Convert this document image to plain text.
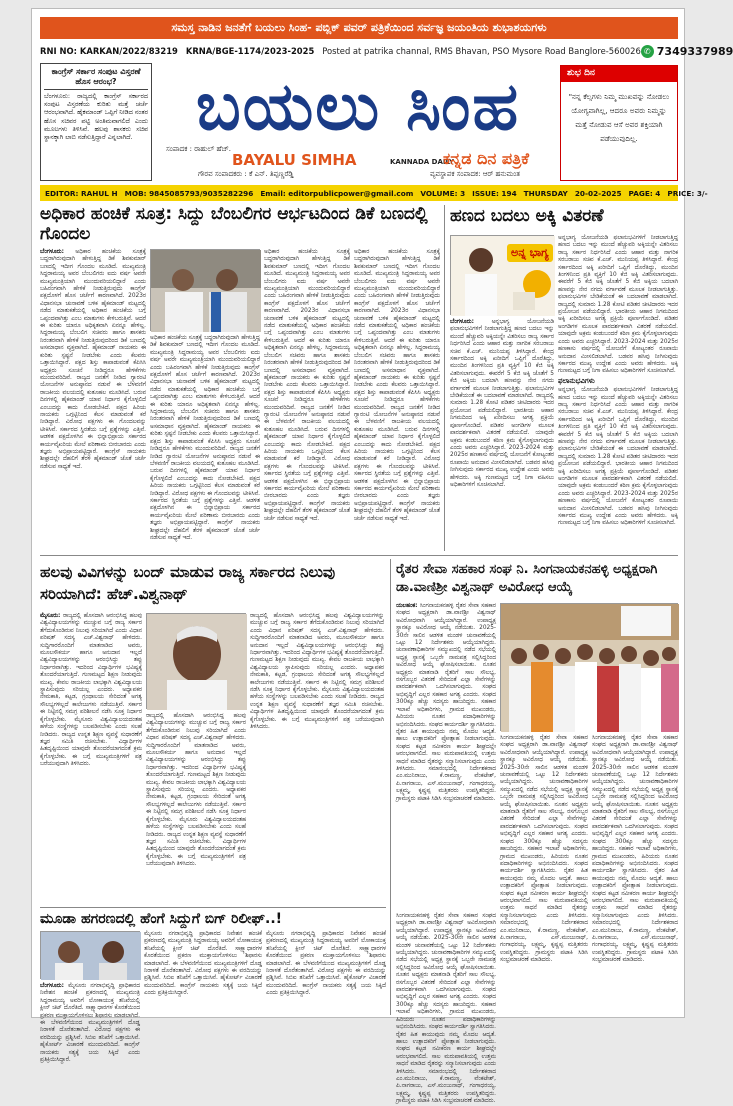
ಸಮಸ್ತ ನಾಡಿನ ಜನತೆಗೆ ಬಯಲು ಸಿಂಹ- ಪಬ್ಲಿಕ್ ಪವರ್ ಪತ್ರಿಕೆಯಿಂದ ಸರ್ವಜ್ಞ ಜಯಂತಿಯ ಶುಭಾಶಯಗಳು
RNI NO: KARKAN/2022/83219 KRNA/BGE-1174/2023-2025 Posted at patrika channal, RMS Bhavan, PSO Mysore Road Banglore-560026 ✆ 7349337989
ಕಾಂಗ್ರೆಸ್ ಸರ್ಕಾರ ಸಂಪುಟ ವಿಸ್ತರಣೆ ಹೊಸ ಆರಂಭ?
ಬೆಂಗಳೂರು: ರಾಜ್ಯದಲ್ಲಿ ಕಾಂಗ್ರೆಸ್ ಸರ್ಕಾರದ ಸಂಪುಟ ವಿಸ್ತರಣೆಯ ಕುರಿತು ಮತ್ತೆ ಚರ್ಚೆ ಆರಂಭವಾಗಿದೆ. ಹೈಕಮಾಂಡ್ ಒಪ್ಪಿಗೆ ನೀಡಿದ ನಂತರ ಹೊಸ ಸಚಿವರ ಪಟ್ಟಿ ಅಂತಿಮವಾಗಲಿದೆ ಎಂದು ಮೂಲಗಳು ತಿಳಿಸಿವೆ. ಹಲವು ಶಾಸಕರು ಸಚಿವ ಸ್ಥಾನಕ್ಕಾಗಿ ಲಾಬಿ ನಡೆಸುತ್ತಿದ್ದಾರೆ ಎನ್ನಲಾಗಿದೆ. ಬಯಲು ಸಿಂಹ
ಸಂಪಾದಕ : ರಾಹುಲ್ ಹೆಚ್.
BAYALU SIMHA	KANNADA DAILY
ಕನ್ನಡ ದಿನ ಪತ್ರಿಕೆ
ಗೌರವ ಸಂಪಾದಕರು : ಕೆ ಎನ್. ತಿಪ್ಪಣ್ಣರೆಡ್ಡಿ	ವ್ಯವಸ್ಥಾಪಕ ಸಂಪಾದಕ: ಆರ್ ಹನುಮಂತ
ಶುಭ ದಿನ
"ನನ್ನ ಕೆಲ್ಸಗಳು ನಿಮ್ಮ ಮುಖವನ್ನು ನೋಡಲು ಯೋಗ್ಯವಾಗಿಲ್ಲ, ಆದರೂ ಅವರು ನಿಮ್ಮನ್ನು ಮತ್ತೆ ನೋಡುವ ಆಸೆ ಅವರ ಶಕ್ತಿಯಾಗಿ ಪಡೆಯುವುದಿಲ್ಲ.
EDITOR: RAHUL H MOB: 9845085793/9035282296 Email: editorpublicpower@gmail.com VOLUME: 3 ISSUE: 194 THURSDAY 20-02-2025 PAGE: 4 PRICE: 3/-
ಅಧಿಕಾರ ಹಂಚಿಕೆ ಸೂತ್ರ: ಸಿದ್ದು ಬೆಂಬಲಿಗರ ಆರ್ಭಟದಿಂದ ಡಿಕೆ ಬಣದಲ್ಲಿ ಗೊಂದಲ
ಬೆಂಗಳೂರು: ಅಧಿಕಾರ ಹಂಚಿಕೆಯ ಸೂತ್ರಕ್ಕೆ ಬದ್ಧರಾಗಿರುವುದಾಗಿ ಹೇಳುತ್ತಿದ್ದ ಡಿಕೆ ಶಿವಕುಮಾರ್ ಬಣದಲ್ಲಿ ಇದೀಗ ಗೊಂದಲ ಮೂಡಿದೆ. ಮುಖ್ಯಮಂತ್ರಿ ಸಿದ್ದರಾಮಯ್ಯ ಅವರ ಬೆಂಬಲಿಗರು ಐದು ವರ್ಷ ಅವರೇ ಮುಖ್ಯಮಂತ್ರಿಯಾಗಿ ಮುಂದುವರಿಯಲಿದ್ದಾರೆ ಎಂದು ಬಹಿರಂಗವಾಗಿ ಹೇಳಿಕೆ ನೀಡುತ್ತಿರುವುದು ಕಾಂಗ್ರೆಸ್ ಪಕ್ಷದೊಳಗೆ ಹೊಸ ಚರ್ಚೆಗೆ ಕಾರಣವಾಗಿದೆ. 2023ರ ವಿಧಾನಸಭಾ ಚುನಾವಣೆ ಬಳಿಕ ಹೈಕಮಾಂಡ್ ಮಟ್ಟದಲ್ಲಿ ನಡೆದ ಮಾತುಕತೆಯಲ್ಲಿ ಅಧಿಕಾರ ಹಂಚಿಕೆಯ ಬಗ್ಗೆ ಒಪ್ಪಂದವಾಗಿತ್ತು ಎಂಬ ಮಾತುಗಳು ಕೇಳಿಬರುತ್ತಿವೆ. ಆದರೆ ಈ ಕುರಿತು ಯಾರೂ ಅಧಿಕೃತವಾಗಿ ಏನನ್ನೂ ಹೇಳಿಲ್ಲ. ಸಿದ್ದರಾಮಯ್ಯ ಬೆಂಬಲಿಗ ಸಚಿವರು ಹಾಗೂ ಶಾಸಕರು ನಿರಂತರವಾಗಿ ಹೇಳಿಕೆ ನೀಡುತ್ತಿರುವುದರಿಂದ ಡಿಕೆ ಬಣದಲ್ಲಿ ಅಸಮಾಧಾನ ವ್ಯಕ್ತವಾಗಿದೆ. ಹೈಕಮಾಂಡ್ ನಾಯಕರು ಈ ಕುರಿತು ಸ್ಪಷ್ಟನೆ ನೀಡಬೇಕು ಎಂದು ಕೆಲವರು ಒತ್ತಾಯಿಸಿದ್ದಾರೆ. ಪಕ್ಷದ ಶಿಸ್ತು ಕಾಪಾಡುವಂತೆ ಕೆಪಿಸಿಸಿ ಅಧ್ಯಕ್ಷರು ಸೂಚನೆ ನೀಡಿದ್ದರೂ ಹೇಳಿಕೆಗಳು ಮುಂದುವರಿದಿವೆ. ರಾಜ್ಯದ ಜನತೆಗೆ ನೀಡಿದ ಗ್ಯಾರಂಟಿ ಯೋಜನೆಗಳ ಅನುಷ್ಠಾನದ ನಡುವೆ ಈ ಬೆಳವಣಿಗೆ ರಾಜಕೀಯ ವಲಯದಲ್ಲಿ ಕುತೂಹಲ ಮೂಡಿಸಿದೆ. ಬರುವ ದಿನಗಳಲ್ಲಿ ಹೈಕಮಾಂಡ್ ಯಾವ ನಿರ್ಧಾರ ಕೈಗೊಳ್ಳಲಿದೆ ಎಂಬುದನ್ನು ಕಾದು ನೋಡಬೇಕಿದೆ. ಪಕ್ಷದ ಹಿರಿಯ ನಾಯಕರು ಒಗ್ಗಟ್ಟಿನಿಂದ ಕೆಲಸ ಮಾಡುವಂತೆ ಕರೆ ನೀಡಿದ್ದಾರೆ. ವಿರೋಧ ಪಕ್ಷಗಳು ಈ ಗೊಂದಲವನ್ನು ಟೀಕಿಸಿವೆ. ಸರ್ಕಾರದ ಸ್ಥಿರತೆಯ ಬಗ್ಗೆ ಪ್ರಶ್ನೆಗಳನ್ನು ಎತ್ತಿವೆ. ಆಡಳಿತ ಪಕ್ಷದೊಳಗಿನ ಈ ಭಿನ್ನಾಭಿಪ್ರಾಯ ಸರ್ಕಾರದ ಕಾರ್ಯವೈಖರಿಯ ಮೇಲೆ ಪರಿಣಾಮ ಬೀರಬಾರದು ಎಂದು ತಜ್ಞರು ಅಭಿಪ್ರಾಯಪಟ್ಟಿದ್ದಾರೆ. ಕಾಂಗ್ರೆಸ್ ನಾಯಕರು ಶೀಘ್ರದಲ್ಲೇ ದೆಹಲಿಗೆ ತೆರಳಿ ಹೈಕಮಾಂಡ್ ಜೊತೆ ಚರ್ಚೆ ನಡೆಸುವ ಸಾಧ್ಯತೆ ಇದೆ.
ಅಧಿಕಾರ ಹಂಚಿಕೆಯ ಸೂತ್ರಕ್ಕೆ ಬದ್ಧರಾಗಿರುವುದಾಗಿ ಹೇಳುತ್ತಿದ್ದ ಡಿಕೆ ಶಿವಕುಮಾರ್ ಬಣದಲ್ಲಿ ಇದೀಗ ಗೊಂದಲ ಮೂಡಿದೆ. ಮುಖ್ಯಮಂತ್ರಿ ಸಿದ್ದರಾಮಯ್ಯ ಅವರ ಬೆಂಬಲಿಗರು ಐದು ವರ್ಷ ಅವರೇ ಮುಖ್ಯಮಂತ್ರಿಯಾಗಿ ಮುಂದುವರಿಯಲಿದ್ದಾರೆ ಎಂದು ಬಹಿರಂಗವಾಗಿ ಹೇಳಿಕೆ ನೀಡುತ್ತಿರುವುದು ಕಾಂಗ್ರೆಸ್ ಪಕ್ಷದೊಳಗೆ ಹೊಸ ಚರ್ಚೆಗೆ ಕಾರಣವಾಗಿದೆ. 2023ರ ವಿಧಾನಸಭಾ ಚುನಾವಣೆ ಬಳಿಕ ಹೈಕಮಾಂಡ್ ಮಟ್ಟದಲ್ಲಿ ನಡೆದ ಮಾತುಕತೆಯಲ್ಲಿ ಅಧಿಕಾರ ಹಂಚಿಕೆಯ ಬಗ್ಗೆ ಒಪ್ಪಂದವಾಗಿತ್ತು ಎಂಬ ಮಾತುಗಳು ಕೇಳಿಬರುತ್ತಿವೆ. ಆದರೆ ಈ ಕುರಿತು ಯಾರೂ ಅಧಿಕೃತವಾಗಿ ಏನನ್ನೂ ಹೇಳಿಲ್ಲ. ಸಿದ್ದರಾಮಯ್ಯ ಬೆಂಬಲಿಗ ಸಚಿವರು ಹಾಗೂ ಶಾಸಕರು ನಿರಂತರವಾಗಿ ಹೇಳಿಕೆ ನೀಡುತ್ತಿರುವುದರಿಂದ ಡಿಕೆ ಬಣದಲ್ಲಿ ಅಸಮಾಧಾನ ವ್ಯಕ್ತವಾಗಿದೆ. ಹೈಕಮಾಂಡ್ ನಾಯಕರು ಈ ಕುರಿತು ಸ್ಪಷ್ಟನೆ ನೀಡಬೇಕು ಎಂದು ಕೆಲವರು ಒತ್ತಾಯಿಸಿದ್ದಾರೆ. ಪಕ್ಷದ ಶಿಸ್ತು ಕಾಪಾಡುವಂತೆ ಕೆಪಿಸಿಸಿ ಅಧ್ಯಕ್ಷರು ಸೂಚನೆ ನೀಡಿದ್ದರೂ ಹೇಳಿಕೆಗಳು ಮುಂದುವರಿದಿವೆ. ರಾಜ್ಯದ ಜನತೆಗೆ ನೀಡಿದ ಗ್ಯಾರಂಟಿ ಯೋಜನೆಗಳ ಅನುಷ್ಠಾನದ ನಡುವೆ ಈ ಬೆಳವಣಿಗೆ ರಾಜಕೀಯ ವಲಯದಲ್ಲಿ ಕುತೂಹಲ ಮೂಡಿಸಿದೆ. ಬರುವ ದಿನಗಳಲ್ಲಿ ಹೈಕಮಾಂಡ್ ಯಾವ ನಿರ್ಧಾರ ಕೈಗೊಳ್ಳಲಿದೆ ಎಂಬುದನ್ನು ಕಾದು ನೋಡಬೇಕಿದೆ. ಪಕ್ಷದ ಹಿರಿಯ ನಾಯಕರು ಒಗ್ಗಟ್ಟಿನಿಂದ ಕೆಲಸ ಮಾಡುವಂತೆ ಕರೆ ನೀಡಿದ್ದಾರೆ. ವಿರೋಧ ಪಕ್ಷಗಳು ಈ ಗೊಂದಲವನ್ನು ಟೀಕಿಸಿವೆ. ಸರ್ಕಾರದ ಸ್ಥಿರತೆಯ ಬಗ್ಗೆ ಪ್ರಶ್ನೆಗಳನ್ನು ಎತ್ತಿವೆ. ಆಡಳಿತ ಪಕ್ಷದೊಳಗಿನ ಈ ಭಿನ್ನಾಭಿಪ್ರಾಯ ಸರ್ಕಾರದ ಕಾರ್ಯವೈಖರಿಯ ಮೇಲೆ ಪರಿಣಾಮ ಬೀರಬಾರದು ಎಂದು ತಜ್ಞರು ಅಭಿಪ್ರಾಯಪಟ್ಟಿದ್ದಾರೆ. ಕಾಂಗ್ರೆಸ್ ನಾಯಕರು ಶೀಘ್ರದಲ್ಲೇ ದೆಹಲಿಗೆ ತೆರಳಿ ಹೈಕಮಾಂಡ್ ಜೊತೆ ಚರ್ಚೆ ನಡೆಸುವ ಸಾಧ್ಯತೆ ಇದೆ.
ಅಧಿಕಾರ ಹಂಚಿಕೆಯ ಸೂತ್ರಕ್ಕೆ ಬದ್ಧರಾಗಿರುವುದಾಗಿ ಹೇಳುತ್ತಿದ್ದ ಡಿಕೆ ಶಿವಕುಮಾರ್ ಬಣದಲ್ಲಿ ಇದೀಗ ಗೊಂದಲ ಮೂಡಿದೆ. ಮುಖ್ಯಮಂತ್ರಿ ಸಿದ್ದರಾಮಯ್ಯ ಅವರ ಬೆಂಬಲಿಗರು ಐದು ವರ್ಷ ಅವರೇ ಮುಖ್ಯಮಂತ್ರಿಯಾಗಿ ಮುಂದುವರಿಯಲಿದ್ದಾರೆ ಎಂದು ಬಹಿರಂಗವಾಗಿ ಹೇಳಿಕೆ ನೀಡುತ್ತಿರುವುದು ಕಾಂಗ್ರೆಸ್ ಪಕ್ಷದೊಳಗೆ ಹೊಸ ಚರ್ಚೆಗೆ ಕಾರಣವಾಗಿದೆ. 2023ರ ವಿಧಾನಸಭಾ ಚುನಾವಣೆ ಬಳಿಕ ಹೈಕಮಾಂಡ್ ಮಟ್ಟದಲ್ಲಿ ನಡೆದ ಮಾತುಕತೆಯಲ್ಲಿ ಅಧಿಕಾರ ಹಂಚಿಕೆಯ ಬಗ್ಗೆ ಒಪ್ಪಂದವಾಗಿತ್ತು ಎಂಬ ಮಾತುಗಳು ಕೇಳಿಬರುತ್ತಿವೆ. ಆದರೆ ಈ ಕುರಿತು ಯಾರೂ ಅಧಿಕೃತವಾಗಿ ಏನನ್ನೂ ಹೇಳಿಲ್ಲ. ಸಿದ್ದರಾಮಯ್ಯ ಬೆಂಬಲಿಗ ಸಚಿವರು ಹಾಗೂ ಶಾಸಕರು ನಿರಂತರವಾಗಿ ಹೇಳಿಕೆ ನೀಡುತ್ತಿರುವುದರಿಂದ ಡಿಕೆ ಬಣದಲ್ಲಿ ಅಸಮಾಧಾನ ವ್ಯಕ್ತವಾಗಿದೆ. ಹೈಕಮಾಂಡ್ ನಾಯಕರು ಈ ಕುರಿತು ಸ್ಪಷ್ಟನೆ ನೀಡಬೇಕು ಎಂದು ಕೆಲವರು ಒತ್ತಾಯಿಸಿದ್ದಾರೆ. ಪಕ್ಷದ ಶಿಸ್ತು ಕಾಪಾಡುವಂತೆ ಕೆಪಿಸಿಸಿ ಅಧ್ಯಕ್ಷರು ಸೂಚನೆ ನೀಡಿದ್ದರೂ ಹೇಳಿಕೆಗಳು ಮುಂದುವರಿದಿವೆ. ರಾಜ್ಯದ ಜನತೆಗೆ ನೀಡಿದ ಗ್ಯಾರಂಟಿ ಯೋಜನೆಗಳ ಅನುಷ್ಠಾನದ ನಡುವೆ ಈ ಬೆಳವಣಿಗೆ ರಾಜಕೀಯ ವಲಯದಲ್ಲಿ ಕುತೂಹಲ ಮೂಡಿಸಿದೆ. ಬರುವ ದಿನಗಳಲ್ಲಿ ಹೈಕಮಾಂಡ್ ಯಾವ ನಿರ್ಧಾರ ಕೈಗೊಳ್ಳಲಿದೆ ಎಂಬುದನ್ನು ಕಾದು ನೋಡಬೇಕಿದೆ. ಪಕ್ಷದ ಹಿರಿಯ ನಾಯಕರು ಒಗ್ಗಟ್ಟಿನಿಂದ ಕೆಲಸ ಮಾಡುವಂತೆ ಕರೆ ನೀಡಿದ್ದಾರೆ. ವಿರೋಧ ಪಕ್ಷಗಳು ಈ ಗೊಂದಲವನ್ನು ಟೀಕಿಸಿವೆ. ಸರ್ಕಾರದ ಸ್ಥಿರತೆಯ ಬಗ್ಗೆ ಪ್ರಶ್ನೆಗಳನ್ನು ಎತ್ತಿವೆ. ಆಡಳಿತ ಪಕ್ಷದೊಳಗಿನ ಈ ಭಿನ್ನಾಭಿಪ್ರಾಯ ಸರ್ಕಾರದ ಕಾರ್ಯವೈಖರಿಯ ಮೇಲೆ ಪರಿಣಾಮ ಬೀರಬಾರದು ಎಂದು ತಜ್ಞರು ಅಭಿಪ್ರಾಯಪಟ್ಟಿದ್ದಾರೆ. ಕಾಂಗ್ರೆಸ್ ನಾಯಕರು ಶೀಘ್ರದಲ್ಲೇ ದೆಹಲಿಗೆ ತೆರಳಿ ಹೈಕಮಾಂಡ್ ಜೊತೆ ಚರ್ಚೆ ನಡೆಸುವ ಸಾಧ್ಯತೆ ಇದೆ.
ಅಧಿಕಾರ ಹಂಚಿಕೆಯ ಸೂತ್ರಕ್ಕೆ ಬದ್ಧರಾಗಿರುವುದಾಗಿ ಹೇಳುತ್ತಿದ್ದ ಡಿಕೆ ಶಿವಕುಮಾರ್ ಬಣದಲ್ಲಿ ಇದೀಗ ಗೊಂದಲ ಮೂಡಿದೆ. ಮುಖ್ಯಮಂತ್ರಿ ಸಿದ್ದರಾಮಯ್ಯ ಅವರ ಬೆಂಬಲಿಗರು ಐದು ವರ್ಷ ಅವರೇ ಮುಖ್ಯಮಂತ್ರಿಯಾಗಿ ಮುಂದುವರಿಯಲಿದ್ದಾರೆ ಎಂದು ಬಹಿರಂಗವಾಗಿ ಹೇಳಿಕೆ ನೀಡುತ್ತಿರುವುದು ಕಾಂಗ್ರೆಸ್ ಪಕ್ಷದೊಳಗೆ ಹೊಸ ಚರ್ಚೆಗೆ ಕಾರಣವಾಗಿದೆ. 2023ರ ವಿಧಾನಸಭಾ ಚುನಾವಣೆ ಬಳಿಕ ಹೈಕಮಾಂಡ್ ಮಟ್ಟದಲ್ಲಿ ನಡೆದ ಮಾತುಕತೆಯಲ್ಲಿ ಅಧಿಕಾರ ಹಂಚಿಕೆಯ ಬಗ್ಗೆ ಒಪ್ಪಂದವಾಗಿತ್ತು ಎಂಬ ಮಾತುಗಳು ಕೇಳಿಬರುತ್ತಿವೆ. ಆದರೆ ಈ ಕುರಿತು ಯಾರೂ ಅಧಿಕೃತವಾಗಿ ಏನನ್ನೂ ಹೇಳಿಲ್ಲ. ಸಿದ್ದರಾಮಯ್ಯ ಬೆಂಬಲಿಗ ಸಚಿವರು ಹಾಗೂ ಶಾಸಕರು ನಿರಂತರವಾಗಿ ಹೇಳಿಕೆ ನೀಡುತ್ತಿರುವುದರಿಂದ ಡಿಕೆ ಬಣದಲ್ಲಿ ಅಸಮಾಧಾನ ವ್ಯಕ್ತವಾಗಿದೆ. ಹೈಕಮಾಂಡ್ ನಾಯಕರು ಈ ಕುರಿತು ಸ್ಪಷ್ಟನೆ ನೀಡಬೇಕು ಎಂದು ಕೆಲವರು ಒತ್ತಾಯಿಸಿದ್ದಾರೆ. ಪಕ್ಷದ ಶಿಸ್ತು ಕಾಪಾಡುವಂತೆ ಕೆಪಿಸಿಸಿ ಅಧ್ಯಕ್ಷರು ಸೂಚನೆ ನೀಡಿದ್ದರೂ ಹೇಳಿಕೆಗಳು ಮುಂದುವರಿದಿವೆ. ರಾಜ್ಯದ ಜನತೆಗೆ ನೀಡಿದ ಗ್ಯಾರಂಟಿ ಯೋಜನೆಗಳ ಅನುಷ್ಠಾನದ ನಡುವೆ ಈ ಬೆಳವಣಿಗೆ ರಾಜಕೀಯ ವಲಯದಲ್ಲಿ ಕುತೂಹಲ ಮೂಡಿಸಿದೆ. ಬರುವ ದಿನಗಳಲ್ಲಿ ಹೈಕಮಾಂಡ್ ಯಾವ ನಿರ್ಧಾರ ಕೈಗೊಳ್ಳಲಿದೆ ಎಂಬುದನ್ನು ಕಾದು ನೋಡಬೇಕಿದೆ. ಪಕ್ಷದ ಹಿರಿಯ ನಾಯಕರು ಒಗ್ಗಟ್ಟಿನಿಂದ ಕೆಲಸ ಮಾಡುವಂತೆ ಕರೆ ನೀಡಿದ್ದಾರೆ. ವಿರೋಧ ಪಕ್ಷಗಳು ಈ ಗೊಂದಲವನ್ನು ಟೀಕಿಸಿವೆ. ಸರ್ಕಾರದ ಸ್ಥಿರತೆಯ ಬಗ್ಗೆ ಪ್ರಶ್ನೆಗಳನ್ನು ಎತ್ತಿವೆ. ಆಡಳಿತ ಪಕ್ಷದೊಳಗಿನ ಈ ಭಿನ್ನಾಭಿಪ್ರಾಯ ಸರ್ಕಾರದ ಕಾರ್ಯವೈಖರಿಯ ಮೇಲೆ ಪರಿಣಾಮ ಬೀರಬಾರದು ಎಂದು ತಜ್ಞರು ಅಭಿಪ್ರಾಯಪಟ್ಟಿದ್ದಾರೆ. ಕಾಂಗ್ರೆಸ್ ನಾಯಕರು ಶೀಘ್ರದಲ್ಲೇ ದೆಹಲಿಗೆ ತೆರಳಿ ಹೈಕಮಾಂಡ್ ಜೊತೆ ಚರ್ಚೆ ನಡೆಸುವ ಸಾಧ್ಯತೆ ಇದೆ.
ಹಣದ ಬದಲು ಅಕ್ಕಿ ವಿತರಣೆ
ಅನ್ನ ಭಾಗ್ಯ
ಬೆಂಗಳೂರು:	ಅನ್ನಭಾಗ್ಯ ಯೋಜನೆಯಡಿ ಫಲಾನುಭವಿಗಳಿಗೆ ನೀಡಲಾಗುತ್ತಿದ್ದ ಹಣದ ಬದಲು ಇನ್ನು ಮುಂದೆ ಹೆಚ್ಚುವರಿ ಅಕ್ಕಿಯನ್ನೇ ವಿತರಿಸಲು ರಾಜ್ಯ ಸರ್ಕಾರ ನಿರ್ಧರಿಸಿದೆ ಎಂದು ಆಹಾರ ಮತ್ತು ನಾಗರಿಕ ಸರಬರಾಜು ಸಚಿವ ಕೆ.ಎಚ್. ಮುನಿಯಪ್ಪ ತಿಳಿಸಿದ್ದಾರೆ. ಕೇಂದ್ರ ಸರ್ಕಾರದಿಂದ ಅಕ್ಕಿ ಖರೀದಿಗೆ ಒಪ್ಪಿಗೆ ದೊರೆತಿದ್ದು, ಮುಂದಿನ ತಿಂಗಳಿನಿಂದ ಪ್ರತಿ ವ್ಯಕ್ತಿಗೆ 10 ಕೆಜಿ ಅಕ್ಕಿ ವಿತರಿಸಲಾಗುವುದು. ಈವರೆಗೆ 5 ಕೆಜಿ ಅಕ್ಕಿ ಜೊತೆಗೆ 5 ಕೆಜಿ ಅಕ್ಕಿಯ ಬದಲಾಗಿ ಹಣವನ್ನು ನೇರ ನಗದು ವರ್ಗಾವಣೆ ಮೂಲಕ ನೀಡಲಾಗುತ್ತಿತ್ತು. ಫಲಾನುಭವಿಗಳ ಬೇಡಿಕೆಯಂತೆ ಈ ಬದಲಾವಣೆ ಮಾಡಲಾಗಿದೆ. ರಾಜ್ಯದಲ್ಲಿ ಸುಮಾರು 1.28 ಕೋಟಿ ಪಡಿತರ ಚೀಟಿದಾರರು ಇದರ ಪ್ರಯೋಜನ ಪಡೆಯಲಿದ್ದಾರೆ. ಭಾರತೀಯ ಆಹಾರ ನಿಗಮದಿಂದ ಅಕ್ಕಿ ಖರೀದಿಸಲು ಅಗತ್ಯ ಪ್ರಕ್ರಿಯೆ ಪೂರ್ಣಗೊಂಡಿದೆ. ಪಡಿತರ ಅಂಗಡಿಗಳ ಮೂಲಕ ಪಾರದರ್ಶಕವಾಗಿ ವಿತರಣೆ ನಡೆಯಲಿದೆ. ಯಾವುದೇ ಅಕ್ರಮ ಕಂಡುಬಂದರೆ ಕಠಿಣ ಕ್ರಮ ಕೈಗೊಳ್ಳಲಾಗುವುದು ಎಂದು ಅವರು ಎಚ್ಚರಿಸಿದ್ದಾರೆ. 2023-2024 ಮತ್ತು 2025ರ ಹಣಕಾಸು ವರ್ಷದಲ್ಲಿ ಯೋಜನೆಗೆ ಕೋಟ್ಯಂತರ ರೂಪಾಯಿ ಅನುದಾನ ಮೀಸಲಿಡಲಾಗಿದೆ. ಬಡವರ ಹಸಿವು ನೀಗಿಸುವುದು ಸರ್ಕಾರದ ಮುಖ್ಯ ಉದ್ದೇಶ ಎಂದು ಅವರು ಹೇಳಿದರು. ಅಕ್ಕಿ ಗುಣಮಟ್ಟದ ಬಗ್ಗೆ ನಿಗಾ ವಹಿಸಲು ಅಧಿಕಾರಿಗಳಿಗೆ ಸೂಚಿಸಲಾಗಿದೆ.
ಅನ್ನಭಾಗ್ಯ ಯೋಜನೆಯಡಿ ಫಲಾನುಭವಿಗಳಿಗೆ ನೀಡಲಾಗುತ್ತಿದ್ದ ಹಣದ ಬದಲು ಇನ್ನು ಮುಂದೆ ಹೆಚ್ಚುವರಿ ಅಕ್ಕಿಯನ್ನೇ ವಿತರಿಸಲು ರಾಜ್ಯ ಸರ್ಕಾರ ನಿರ್ಧರಿಸಿದೆ ಎಂದು ಆಹಾರ ಮತ್ತು ನಾಗರಿಕ ಸರಬರಾಜು ಸಚಿವ ಕೆ.ಎಚ್. ಮುನಿಯಪ್ಪ ತಿಳಿಸಿದ್ದಾರೆ. ಕೇಂದ್ರ ಸರ್ಕಾರದಿಂದ ಅಕ್ಕಿ ಖರೀದಿಗೆ ಒಪ್ಪಿಗೆ ದೊರೆತಿದ್ದು, ಮುಂದಿನ ತಿಂಗಳಿನಿಂದ ಪ್ರತಿ ವ್ಯಕ್ತಿಗೆ 10 ಕೆಜಿ ಅಕ್ಕಿ ವಿತರಿಸಲಾಗುವುದು. ಈವರೆಗೆ 5 ಕೆಜಿ ಅಕ್ಕಿ ಜೊತೆಗೆ 5 ಕೆಜಿ ಅಕ್ಕಿಯ ಬದಲಾಗಿ ಹಣವನ್ನು ನೇರ ನಗದು ವರ್ಗಾವಣೆ ಮೂಲಕ ನೀಡಲಾಗುತ್ತಿತ್ತು. ಫಲಾನುಭವಿಗಳ ಬೇಡಿಕೆಯಂತೆ ಈ ಬದಲಾವಣೆ ಮಾಡಲಾಗಿದೆ. ರಾಜ್ಯದಲ್ಲಿ ಸುಮಾರು 1.28 ಕೋಟಿ ಪಡಿತರ ಚೀಟಿದಾರರು ಇದರ ಪ್ರಯೋಜನ ಪಡೆಯಲಿದ್ದಾರೆ. ಭಾರತೀಯ ಆಹಾರ ನಿಗಮದಿಂದ ಅಕ್ಕಿ ಖರೀದಿಸಲು ಅಗತ್ಯ ಪ್ರಕ್ರಿಯೆ ಪೂರ್ಣಗೊಂಡಿದೆ. ಪಡಿತರ ಅಂಗಡಿಗಳ ಮೂಲಕ ಪಾರದರ್ಶಕವಾಗಿ ವಿತರಣೆ ನಡೆಯಲಿದೆ. ಯಾವುದೇ ಅಕ್ರಮ ಕಂಡುಬಂದರೆ ಕಠಿಣ ಕ್ರಮ ಕೈಗೊಳ್ಳಲಾಗುವುದು ಎಂದು ಅವರು ಎಚ್ಚರಿಸಿದ್ದಾರೆ. 2023-2024 ಮತ್ತು 2025ರ ಹಣಕಾಸು ವರ್ಷದಲ್ಲಿ ಯೋಜನೆಗೆ ಕೋಟ್ಯಂತರ ರೂಪಾಯಿ ಅನುದಾನ ಮೀಸಲಿಡಲಾಗಿದೆ. ಬಡವರ ಹಸಿವು ನೀಗಿಸುವುದು ಸರ್ಕಾರದ ಮುಖ್ಯ ಉದ್ದೇಶ ಎಂದು ಅವರು ಹೇಳಿದರು. ಅಕ್ಕಿ ಗುಣಮಟ್ಟದ ಬಗ್ಗೆ ನಿಗಾ ವಹಿಸಲು ಅಧಿಕಾರಿಗಳಿಗೆ ಸೂಚಿಸಲಾಗಿದೆ.
ಫಲಾನುಭವಿಗಳು
ಅನ್ನಭಾಗ್ಯ ಯೋಜನೆಯಡಿ ಫಲಾನುಭವಿಗಳಿಗೆ ನೀಡಲಾಗುತ್ತಿದ್ದ ಹಣದ ಬದಲು ಇನ್ನು ಮುಂದೆ ಹೆಚ್ಚುವರಿ ಅಕ್ಕಿಯನ್ನೇ ವಿತರಿಸಲು ರಾಜ್ಯ ಸರ್ಕಾರ ನಿರ್ಧರಿಸಿದೆ ಎಂದು ಆಹಾರ ಮತ್ತು ನಾಗರಿಕ ಸರಬರಾಜು ಸಚಿವ ಕೆ.ಎಚ್. ಮುನಿಯಪ್ಪ ತಿಳಿಸಿದ್ದಾರೆ. ಕೇಂದ್ರ ಸರ್ಕಾರದಿಂದ ಅಕ್ಕಿ ಖರೀದಿಗೆ ಒಪ್ಪಿಗೆ ದೊರೆತಿದ್ದು, ಮುಂದಿನ ತಿಂಗಳಿನಿಂದ ಪ್ರತಿ ವ್ಯಕ್ತಿಗೆ 10 ಕೆಜಿ ಅಕ್ಕಿ ವಿತರಿಸಲಾಗುವುದು. ಈವರೆಗೆ 5 ಕೆಜಿ ಅಕ್ಕಿ ಜೊತೆಗೆ 5 ಕೆಜಿ ಅಕ್ಕಿಯ ಬದಲಾಗಿ ಹಣವನ್ನು ನೇರ ನಗದು ವರ್ಗಾವಣೆ ಮೂಲಕ ನೀಡಲಾಗುತ್ತಿತ್ತು. ಫಲಾನುಭವಿಗಳ ಬೇಡಿಕೆಯಂತೆ ಈ ಬದಲಾವಣೆ ಮಾಡಲಾಗಿದೆ. ರಾಜ್ಯದಲ್ಲಿ ಸುಮಾರು 1.28 ಕೋಟಿ ಪಡಿತರ ಚೀಟಿದಾರರು ಇದರ ಪ್ರಯೋಜನ ಪಡೆಯಲಿದ್ದಾರೆ. ಭಾರತೀಯ ಆಹಾರ ನಿಗಮದಿಂದ ಅಕ್ಕಿ ಖರೀದಿಸಲು ಅಗತ್ಯ ಪ್ರಕ್ರಿಯೆ ಪೂರ್ಣಗೊಂಡಿದೆ. ಪಡಿತರ ಅಂಗಡಿಗಳ ಮೂಲಕ ಪಾರದರ್ಶಕವಾಗಿ ವಿತರಣೆ ನಡೆಯಲಿದೆ. ಯಾವುದೇ ಅಕ್ರಮ ಕಂಡುಬಂದರೆ ಕಠಿಣ ಕ್ರಮ ಕೈಗೊಳ್ಳಲಾಗುವುದು ಎಂದು ಅವರು ಎಚ್ಚರಿಸಿದ್ದಾರೆ. 2023-2024 ಮತ್ತು 2025ರ ಹಣಕಾಸು ವರ್ಷದಲ್ಲಿ ಯೋಜನೆಗೆ ಕೋಟ್ಯಂತರ ರೂಪಾಯಿ ಅನುದಾನ ಮೀಸಲಿಡಲಾಗಿದೆ. ಬಡವರ ಹಸಿವು ನೀಗಿಸುವುದು ಸರ್ಕಾರದ ಮುಖ್ಯ ಉದ್ದೇಶ ಎಂದು ಅವರು ಹೇಳಿದರು. ಅಕ್ಕಿ ಗುಣಮಟ್ಟದ ಬಗ್ಗೆ ನಿಗಾ ವಹಿಸಲು ಅಧಿಕಾರಿಗಳಿಗೆ ಸೂಚಿಸಲಾಗಿದೆ.
ಹಲವು ವಿವಿಗಳನ್ನು ಬಂದ್ ಮಾಡುವ ರಾಜ್ಯ ಸರ್ಕಾರದ ನಿಲುವು ಸರಿಯಾಗಿದೆ: ಹೆಚ್.ವಿಶ್ವನಾಥ್
ಮೈಸೂರು: ರಾಜ್ಯದಲ್ಲಿ ಹೊಸದಾಗಿ ಆರಂಭಿಸಿದ್ದ ಹಲವು ವಿಶ್ವವಿದ್ಯಾಲಯಗಳನ್ನು ಮುಚ್ಚುವ ಬಗ್ಗೆ ರಾಜ್ಯ ಸರ್ಕಾರ ತೆಗೆದುಕೊಂಡಿರುವ ನಿಲುವು ಸರಿಯಾಗಿದೆ ಎಂದು ವಿಧಾನ ಪರಿಷತ್ ಸದಸ್ಯ ಎಚ್.ವಿಶ್ವನಾಥ್ ಹೇಳಿದರು. ಸುದ್ದಿಗಾರರೊಂದಿಗೆ ಮಾತನಾಡಿದ ಅವರು, ಮೂಲಸೌಕರ್ಯ ಹಾಗೂ ಅನುದಾನ ಇಲ್ಲದೆ ವಿಶ್ವವಿದ್ಯಾಲಯಗಳನ್ನು ಆರಂಭಿಸಿದ್ದು ತಪ್ಪು ನಿರ್ಧಾರವಾಗಿತ್ತು. ಇದರಿಂದ ವಿದ್ಯಾರ್ಥಿಗಳ ಭವಿಷ್ಯಕ್ಕೆ ತೊಂದರೆಯಾಗುತ್ತಿದೆ. ಗುಣಮಟ್ಟದ ಶಿಕ್ಷಣ ನೀಡುವುದು ಮುಖ್ಯ. ಕೇವಲ ರಾಜಕೀಯ ಲಾಭಕ್ಕಾಗಿ ವಿಶ್ವವಿದ್ಯಾಲಯ ಸ್ಥಾಪಿಸುವುದು ಸರಿಯಲ್ಲ ಎಂದರು. ಅಧ್ಯಾಪಕರ ನೇಮಕಾತಿ, ಕಟ್ಟಡ, ಗ್ರಂಥಾಲಯ ಸೇರಿದಂತೆ ಅಗತ್ಯ ಸೌಲಭ್ಯಗಳಿಲ್ಲದೆ ಕಾಲೇಜುಗಳು ನಡೆಯುತ್ತಿವೆ. ಸರ್ಕಾರ ಈ ನಿಟ್ಟಿನಲ್ಲಿ ಸಮಗ್ರ ಪರಿಶೀಲನೆ ನಡೆಸಿ ಸೂಕ್ತ ನಿರ್ಧಾರ ಕೈಗೊಳ್ಳಬೇಕು. ಮೈಸೂರು ವಿಶ್ವವಿದ್ಯಾಲಯದಂತಹ ಹಳೆಯ ಸಂಸ್ಥೆಗಳನ್ನು ಬಲಪಡಿಸಬೇಕು ಎಂದು ಸಲಹೆ ನೀಡಿದರು. ರಾಜ್ಯದ ಉನ್ನತ ಶಿಕ್ಷಣ ವ್ಯವಸ್ಥೆ ಸುಧಾರಣೆಗೆ ತಜ್ಞರ ಸಮಿತಿ ರಚಿಸಬೇಕು. ವಿದ್ಯಾರ್ಥಿಗಳ ಹಿತದೃಷ್ಟಿಯಿಂದ ಯಾವುದೇ ತೊಂದರೆಯಾಗದಂತೆ ಕ್ರಮ ಕೈಗೊಳ್ಳಬೇಕು. ಈ ಬಗ್ಗೆ ಮುಖ್ಯಮಂತ್ರಿಗಳಿಗೆ ಪತ್ರ ಬರೆಯುವುದಾಗಿ ತಿಳಿಸಿದರು.
ರಾಜ್ಯದಲ್ಲಿ ಹೊಸದಾಗಿ ಆರಂಭಿಸಿದ್ದ ಹಲವು ವಿಶ್ವವಿದ್ಯಾಲಯಗಳನ್ನು ಮುಚ್ಚುವ ಬಗ್ಗೆ ರಾಜ್ಯ ಸರ್ಕಾರ ತೆಗೆದುಕೊಂಡಿರುವ ನಿಲುವು ಸರಿಯಾಗಿದೆ ಎಂದು ವಿಧಾನ ಪರಿಷತ್ ಸದಸ್ಯ ಎಚ್.ವಿಶ್ವನಾಥ್ ಹೇಳಿದರು. ಸುದ್ದಿಗಾರರೊಂದಿಗೆ ಮಾತನಾಡಿದ ಅವರು, ಮೂಲಸೌಕರ್ಯ ಹಾಗೂ ಅನುದಾನ ಇಲ್ಲದೆ ವಿಶ್ವವಿದ್ಯಾಲಯಗಳನ್ನು ಆರಂಭಿಸಿದ್ದು ತಪ್ಪು ನಿರ್ಧಾರವಾಗಿತ್ತು. ಇದರಿಂದ ವಿದ್ಯಾರ್ಥಿಗಳ ಭವಿಷ್ಯಕ್ಕೆ ತೊಂದರೆಯಾಗುತ್ತಿದೆ. ಗುಣಮಟ್ಟದ ಶಿಕ್ಷಣ ನೀಡುವುದು ಮುಖ್ಯ. ಕೇವಲ ರಾಜಕೀಯ ಲಾಭಕ್ಕಾಗಿ ವಿಶ್ವವಿದ್ಯಾಲಯ ಸ್ಥಾಪಿಸುವುದು ಸರಿಯಲ್ಲ ಎಂದರು. ಅಧ್ಯಾಪಕರ ನೇಮಕಾತಿ, ಕಟ್ಟಡ, ಗ್ರಂಥಾಲಯ ಸೇರಿದಂತೆ ಅಗತ್ಯ ಸೌಲಭ್ಯಗಳಿಲ್ಲದೆ ಕಾಲೇಜುಗಳು ನಡೆಯುತ್ತಿವೆ. ಸರ್ಕಾರ ಈ ನಿಟ್ಟಿನಲ್ಲಿ ಸಮಗ್ರ ಪರಿಶೀಲನೆ ನಡೆಸಿ ಸೂಕ್ತ ನಿರ್ಧಾರ ಕೈಗೊಳ್ಳಬೇಕು. ಮೈಸೂರು ವಿಶ್ವವಿದ್ಯಾಲಯದಂತಹ ಹಳೆಯ ಸಂಸ್ಥೆಗಳನ್ನು ಬಲಪಡಿಸಬೇಕು ಎಂದು ಸಲಹೆ ನೀಡಿದರು. ರಾಜ್ಯದ ಉನ್ನತ ಶಿಕ್ಷಣ ವ್ಯವಸ್ಥೆ ಸುಧಾರಣೆಗೆ ತಜ್ಞರ ಸಮಿತಿ ರಚಿಸಬೇಕು. ವಿದ್ಯಾರ್ಥಿಗಳ ಹಿತದೃಷ್ಟಿಯಿಂದ ಯಾವುದೇ ತೊಂದರೆಯಾಗದಂತೆ ಕ್ರಮ ಕೈಗೊಳ್ಳಬೇಕು. ಈ ಬಗ್ಗೆ ಮುಖ್ಯಮಂತ್ರಿಗಳಿಗೆ ಪತ್ರ ಬರೆಯುವುದಾಗಿ ತಿಳಿಸಿದರು.
ರಾಜ್ಯದಲ್ಲಿ ಹೊಸದಾಗಿ ಆರಂಭಿಸಿದ್ದ ಹಲವು ವಿಶ್ವವಿದ್ಯಾಲಯಗಳನ್ನು ಮುಚ್ಚುವ ಬಗ್ಗೆ ರಾಜ್ಯ ಸರ್ಕಾರ ತೆಗೆದುಕೊಂಡಿರುವ ನಿಲುವು ಸರಿಯಾಗಿದೆ ಎಂದು ವಿಧಾನ ಪರಿಷತ್ ಸದಸ್ಯ ಎಚ್.ವಿಶ್ವನಾಥ್ ಹೇಳಿದರು. ಸುದ್ದಿಗಾರರೊಂದಿಗೆ ಮಾತನಾಡಿದ ಅವರು, ಮೂಲಸೌಕರ್ಯ ಹಾಗೂ ಅನುದಾನ ಇಲ್ಲದೆ ವಿಶ್ವವಿದ್ಯಾಲಯಗಳನ್ನು ಆರಂಭಿಸಿದ್ದು ತಪ್ಪು ನಿರ್ಧಾರವಾಗಿತ್ತು. ಇದರಿಂದ ವಿದ್ಯಾರ್ಥಿಗಳ ಭವಿಷ್ಯಕ್ಕೆ ತೊಂದರೆಯಾಗುತ್ತಿದೆ. ಗುಣಮಟ್ಟದ ಶಿಕ್ಷಣ ನೀಡುವುದು ಮುಖ್ಯ. ಕೇವಲ ರಾಜಕೀಯ ಲಾಭಕ್ಕಾಗಿ ವಿಶ್ವವಿದ್ಯಾಲಯ ಸ್ಥಾಪಿಸುವುದು ಸರಿಯಲ್ಲ ಎಂದರು. ಅಧ್ಯಾಪಕರ ನೇಮಕಾತಿ, ಕಟ್ಟಡ, ಗ್ರಂಥಾಲಯ ಸೇರಿದಂತೆ ಅಗತ್ಯ ಸೌಲಭ್ಯಗಳಿಲ್ಲದೆ ಕಾಲೇಜುಗಳು ನಡೆಯುತ್ತಿವೆ. ಸರ್ಕಾರ ಈ ನಿಟ್ಟಿನಲ್ಲಿ ಸಮಗ್ರ ಪರಿಶೀಲನೆ ನಡೆಸಿ ಸೂಕ್ತ ನಿರ್ಧಾರ ಕೈಗೊಳ್ಳಬೇಕು. ಮೈಸೂರು ವಿಶ್ವವಿದ್ಯಾಲಯದಂತಹ ಹಳೆಯ ಸಂಸ್ಥೆಗಳನ್ನು ಬಲಪಡಿಸಬೇಕು ಎಂದು ಸಲಹೆ ನೀಡಿದರು. ರಾಜ್ಯದ ಉನ್ನತ ಶಿಕ್ಷಣ ವ್ಯವಸ್ಥೆ ಸುಧಾರಣೆಗೆ ತಜ್ಞರ ಸಮಿತಿ ರಚಿಸಬೇಕು. ವಿದ್ಯಾರ್ಥಿಗಳ ಹಿತದೃಷ್ಟಿಯಿಂದ ಯಾವುದೇ ತೊಂದರೆಯಾಗದಂತೆ ಕ್ರಮ ಕೈಗೊಳ್ಳಬೇಕು. ಈ ಬಗ್ಗೆ ಮುಖ್ಯಮಂತ್ರಿಗಳಿಗೆ ಪತ್ರ ಬರೆಯುವುದಾಗಿ ತಿಳಿಸಿದರು.
ಮೂಡಾ ಹಗರಣದಲ್ಲಿ ಹೆಂಗೆ ಸಿದ್ದುಗೆ ಬಿಗ್ ರಿಲೀಫ್..!
ಬೆಂಗಳೂರು: ಮೈಸೂರು ನಗರಾಭಿವೃದ್ಧಿ ಪ್ರಾಧಿಕಾರದ ನಿವೇಶನ ಹಂಚಿಕೆ ಪ್ರಕರಣದಲ್ಲಿ ಮುಖ್ಯಮಂತ್ರಿ ಸಿದ್ದರಾಮಯ್ಯ ಅವರಿಗೆ ಲೋಕಾಯುಕ್ತ ತನಿಖೆಯಲ್ಲಿ ಕ್ಲೀನ್ ಚಿಟ್ ದೊರೆತಿದೆ. ಸಾಕ್ಷ್ಯಾಧಾರಗಳ ಕೊರತೆಯಿಂದ ಪ್ರಕರಣ ಮುಕ್ತಾಯಗೊಳಿಸಲು ಶಿಫಾರಸು ಮಾಡಲಾಗಿದೆ. ಈ ಬೆಳವಣಿಗೆಯಿಂದ ಮುಖ್ಯಮಂತ್ರಿಗಳಿಗೆ ದೊಡ್ಡ ನಿರಾಳತೆ ದೊರೆತಂತಾಗಿದೆ. ವಿರೋಧ ಪಕ್ಷಗಳು ಈ ವರದಿಯನ್ನು ಪ್ರಶ್ನಿಸಿವೆ. ಸಿಬಿಐ ತನಿಖೆಗೆ ಒತ್ತಾಯಿಸಿವೆ. ಹೈಕೋರ್ಟ್ ವಿಚಾರಣೆ ಮುಂದುವರಿದಿದೆ. ಕಾಂಗ್ರೆಸ್ ನಾಯಕರು ಸತ್ಯಕ್ಕೆ ಜಯ ಸಿಕ್ಕಿದೆ ಎಂದು ಪ್ರತಿಕ್ರಿಯಿಸಿದ್ದಾರೆ.
ಮೈಸೂರು ನಗರಾಭಿವೃದ್ಧಿ ಪ್ರಾಧಿಕಾರದ ನಿವೇಶನ ಹಂಚಿಕೆ ಪ್ರಕರಣದಲ್ಲಿ ಮುಖ್ಯಮಂತ್ರಿ ಸಿದ್ದರಾಮಯ್ಯ ಅವರಿಗೆ ಲೋಕಾಯುಕ್ತ ತನಿಖೆಯಲ್ಲಿ ಕ್ಲೀನ್ ಚಿಟ್ ದೊರೆತಿದೆ. ಸಾಕ್ಷ್ಯಾಧಾರಗಳ ಕೊರತೆಯಿಂದ ಪ್ರಕರಣ ಮುಕ್ತಾಯಗೊಳಿಸಲು ಶಿಫಾರಸು ಮಾಡಲಾಗಿದೆ. ಈ ಬೆಳವಣಿಗೆಯಿಂದ ಮುಖ್ಯಮಂತ್ರಿಗಳಿಗೆ ದೊಡ್ಡ ನಿರಾಳತೆ ದೊರೆತಂತಾಗಿದೆ. ವಿರೋಧ ಪಕ್ಷಗಳು ಈ ವರದಿಯನ್ನು ಪ್ರಶ್ನಿಸಿವೆ. ಸಿಬಿಐ ತನಿಖೆಗೆ ಒತ್ತಾಯಿಸಿವೆ. ಹೈಕೋರ್ಟ್ ವಿಚಾರಣೆ ಮುಂದುವರಿದಿದೆ. ಕಾಂಗ್ರೆಸ್ ನಾಯಕರು ಸತ್ಯಕ್ಕೆ ಜಯ ಸಿಕ್ಕಿದೆ ಎಂದು ಪ್ರತಿಕ್ರಿಯಿಸಿದ್ದಾರೆ.
ಮೈಸೂರು ನಗರಾಭಿವೃದ್ಧಿ ಪ್ರಾಧಿಕಾರದ ನಿವೇಶನ ಹಂಚಿಕೆ ಪ್ರಕರಣದಲ್ಲಿ ಮುಖ್ಯಮಂತ್ರಿ ಸಿದ್ದರಾಮಯ್ಯ ಅವರಿಗೆ ಲೋಕಾಯುಕ್ತ ತನಿಖೆಯಲ್ಲಿ ಕ್ಲೀನ್ ಚಿಟ್ ದೊರೆತಿದೆ. ಸಾಕ್ಷ್ಯಾಧಾರಗಳ ಕೊರತೆಯಿಂದ ಪ್ರಕರಣ ಮುಕ್ತಾಯಗೊಳಿಸಲು ಶಿಫಾರಸು ಮಾಡಲಾಗಿದೆ. ಈ ಬೆಳವಣಿಗೆಯಿಂದ ಮುಖ್ಯಮಂತ್ರಿಗಳಿಗೆ ದೊಡ್ಡ ನಿರಾಳತೆ ದೊರೆತಂತಾಗಿದೆ. ವಿರೋಧ ಪಕ್ಷಗಳು ಈ ವರದಿಯನ್ನು ಪ್ರಶ್ನಿಸಿವೆ. ಸಿಬಿಐ ತನಿಖೆಗೆ ಒತ್ತಾಯಿಸಿವೆ. ಹೈಕೋರ್ಟ್ ವಿಚಾರಣೆ ಮುಂದುವರಿದಿದೆ. ಕಾಂಗ್ರೆಸ್ ನಾಯಕರು ಸತ್ಯಕ್ಕೆ ಜಯ ಸಿಕ್ಕಿದೆ ಎಂದು ಪ್ರತಿಕ್ರಿಯಿಸಿದ್ದಾರೆ.
ರೈತರ ಸೇವಾ ಸಹಕಾರ ಸಂಘ ನಿ. ಸಿಂಗನಾಯಕನಹಳ್ಳಿ ಅಧ್ಯಕ್ಷರಾಗಿ ಡಾ.ವಾಣಿಶ್ರೀ ವಿಶ್ವನಾಥ್ ಅವಿರೋಧ ಆಯ್ಕೆ
ಯಲಹಂಕ: ಸಿಂಗನಾಯಕನಹಳ್ಳಿ ರೈತರ ಸೇವಾ ಸಹಕಾರ ಸಂಘದ ಅಧ್ಯಕ್ಷರಾಗಿ ಡಾ.ವಾಣಿಶ್ರೀ ವಿಶ್ವನಾಥ್ ಅವಿರೋಧವಾಗಿ ಆಯ್ಕೆಯಾಗಿದ್ದಾರೆ. ಉಪಾಧ್ಯಕ್ಷ ಸ್ಥಾನಕ್ಕೂ ಅವಿರೋಧ ಆಯ್ಕೆ ನಡೆಯಿತು. 2025-30ನೇ ಸಾಲಿನ ಆಡಳಿತ ಮಂಡಳಿ ಚುನಾವಣೆಯಲ್ಲಿ ಒಟ್ಟು 12 ನಿರ್ದೇಶಕರು ಆಯ್ಕೆಯಾಗಿದ್ದರು. ಚುನಾವಣಾಧಿಕಾರಿಗಳ ಸಮ್ಮುಖದಲ್ಲಿ ನಡೆದ ಸಭೆಯಲ್ಲಿ ಅಧ್ಯಕ್ಷ ಸ್ಥಾನಕ್ಕೆ ಒಬ್ಬರೇ ನಾಮಪತ್ರ ಸಲ್ಲಿಸಿದ್ದರಿಂದ ಅವಿರೋಧ ಆಯ್ಕೆ ಘೋಷಿಸಲಾಯಿತು. ನೂತನ ಅಧ್ಯಕ್ಷರು ಮಾತನಾಡಿ ರೈತರಿಗೆ ಸಾಲ ಸೌಲಭ್ಯ, ರಸಗೊಬ್ಬರ ವಿತರಣೆ ಸೇರಿದಂತೆ ಎಲ್ಲಾ ಸೇವೆಗಳನ್ನು ಪಾರದರ್ಶಕವಾಗಿ ಒದಗಿಸಲಾಗುವುದು. ಸಂಘದ ಅಭಿವೃದ್ಧಿಗೆ ಎಲ್ಲರ ಸಹಕಾರ ಅಗತ್ಯ ಎಂದರು. ಸಂಘದ 300ಕ್ಕೂ ಹೆಚ್ಚು ಸದಸ್ಯರು ಹಾಜರಿದ್ದರು. ಸಹಕಾರ ಇಲಾಖೆ ಅಧಿಕಾರಿಗಳು, ಗ್ರಾಮದ ಮುಖಂಡರು, ಹಿರಿಯರು ನೂತನ ಪದಾಧಿಕಾರಿಗಳನ್ನು ಅಭಿನಂದಿಸಿದರು. ಸಂಘದ ಕಾರ್ಯದರ್ಶಿ ಸ್ವಾಗತಿಸಿದರು. ರೈತರ ಹಿತ ಕಾಯುವುದು ನಮ್ಮ ಮೊದಲ ಆದ್ಯತೆ. ಹಾಲು ಉತ್ಪಾದಕರಿಗೆ ಪ್ರೋತ್ಸಾಹ ನೀಡಲಾಗುವುದು. ಸಂಘದ ಕಟ್ಟಡ ನವೀಕರಣ ಕಾರ್ಯ ಶೀಘ್ರದಲ್ಲೇ ಆರಂಭವಾಗಲಿದೆ. ಸಾಲ ಮರುಪಾವತಿಯಲ್ಲಿ ಉತ್ತಮ ಸಾಧನೆ ಮಾಡಿದ ರೈತರನ್ನು ಸನ್ಮಾನಿಸಲಾಗುವುದು ಎಂದು ತಿಳಿಸಿದರು. ಸಮಾರಂಭದಲ್ಲಿ ನಿರ್ದೇಶಕರಾದ ಎಂ.ಮುನಿರಾಜು, ಕೆ.ರಾಮಣ್ಣ, ವೆಂಕಟೇಶ್, ಪಿ.ನಾಗರಾಜು, ಎಸ್.ಮಂಜುನಾಥ್, ಗಂಗಾಧರಯ್ಯ, ಲಕ್ಷ್ಮಮ್ಮ, ಕೃಷ್ಣಪ್ಪ ಮತ್ತಿತರರು ಉಪಸ್ಥಿತರಿದ್ದರು. ಗ್ರಾಮಸ್ಥರು ಪಟಾಕಿ ಸಿಡಿಸಿ ಸಂಭ್ರಮಾಚರಣೆ ಮಾಡಿದರು.
ಸಿಂಗನಾಯಕನಹಳ್ಳಿ ರೈತರ ಸೇವಾ ಸಹಕಾರ ಸಂಘದ ಅಧ್ಯಕ್ಷರಾಗಿ ಡಾ.ವಾಣಿಶ್ರೀ ವಿಶ್ವನಾಥ್ ಅವಿರೋಧವಾಗಿ ಆಯ್ಕೆಯಾಗಿದ್ದಾರೆ. ಉಪಾಧ್ಯಕ್ಷ ಸ್ಥಾನಕ್ಕೂ ಅವಿರೋಧ ಆಯ್ಕೆ ನಡೆಯಿತು. 2025-30ನೇ ಸಾಲಿನ ಆಡಳಿತ ಮಂಡಳಿ ಚುನಾವಣೆಯಲ್ಲಿ ಒಟ್ಟು 12 ನಿರ್ದೇಶಕರು ಆಯ್ಕೆಯಾಗಿದ್ದರು. ಚುನಾವಣಾಧಿಕಾರಿಗಳ ಸಮ್ಮುಖದಲ್ಲಿ ನಡೆದ ಸಭೆಯಲ್ಲಿ ಅಧ್ಯಕ್ಷ ಸ್ಥಾನಕ್ಕೆ ಒಬ್ಬರೇ ನಾಮಪತ್ರ ಸಲ್ಲಿಸಿದ್ದರಿಂದ ಅವಿರೋಧ ಆಯ್ಕೆ ಘೋಷಿಸಲಾಯಿತು. ನೂತನ ಅಧ್ಯಕ್ಷರು ಮಾತನಾಡಿ ರೈತರಿಗೆ ಸಾಲ ಸೌಲಭ್ಯ, ರಸಗೊಬ್ಬರ ವಿತರಣೆ ಸೇರಿದಂತೆ ಎಲ್ಲಾ ಸೇವೆಗಳನ್ನು ಪಾರದರ್ಶಕವಾಗಿ ಒದಗಿಸಲಾಗುವುದು. ಸಂಘದ ಅಭಿವೃದ್ಧಿಗೆ ಎಲ್ಲರ ಸಹಕಾರ ಅಗತ್ಯ ಎಂದರು. ಸಂಘದ 300ಕ್ಕೂ ಹೆಚ್ಚು ಸದಸ್ಯರು ಹಾಜರಿದ್ದರು. ಸಹಕಾರ ಇಲಾಖೆ ಅಧಿಕಾರಿಗಳು, ಗ್ರಾಮದ ಮುಖಂಡರು, ಹಿರಿಯರು ನೂತನ ಪದಾಧಿಕಾರಿಗಳನ್ನು ಅಭಿನಂದಿಸಿದರು. ಸಂಘದ ಕಾರ್ಯದರ್ಶಿ ಸ್ವಾಗತಿಸಿದರು. ರೈತರ ಹಿತ ಕಾಯುವುದು ನಮ್ಮ ಮೊದಲ ಆದ್ಯತೆ. ಹಾಲು ಉತ್ಪಾದಕರಿಗೆ ಪ್ರೋತ್ಸಾಹ ನೀಡಲಾಗುವುದು. ಸಂಘದ ಕಟ್ಟಡ ನವೀಕರಣ ಕಾರ್ಯ ಶೀಘ್ರದಲ್ಲೇ ಆರಂಭವಾಗಲಿದೆ. ಸಾಲ ಮರುಪಾವತಿಯಲ್ಲಿ ಉತ್ತಮ ಸಾಧನೆ ಮಾಡಿದ ರೈತರನ್ನು ಸನ್ಮಾನಿಸಲಾಗುವುದು ಎಂದು ತಿಳಿಸಿದರು. ಸಮಾರಂಭದಲ್ಲಿ ನಿರ್ದೇಶಕರಾದ ಎಂ.ಮುನಿರಾಜು, ಕೆ.ರಾಮಣ್ಣ, ವೆಂಕಟೇಶ್, ಪಿ.ನಾಗರಾಜು, ಎಸ್.ಮಂಜುನಾಥ್, ಗಂಗಾಧರಯ್ಯ, ಲಕ್ಷ್ಮಮ್ಮ, ಕೃಷ್ಣಪ್ಪ ಮತ್ತಿತರರು ಉಪಸ್ಥಿತರಿದ್ದರು. ಗ್ರಾಮಸ್ಥರು ಪಟಾಕಿ ಸಿಡಿಸಿ ಸಂಭ್ರಮಾಚರಣೆ ಮಾಡಿದರು.
ಸಿಂಗನಾಯಕನಹಳ್ಳಿ ರೈತರ ಸೇವಾ ಸಹಕಾರ ಸಂಘದ ಅಧ್ಯಕ್ಷರಾಗಿ ಡಾ.ವಾಣಿಶ್ರೀ ವಿಶ್ವನಾಥ್ ಅವಿರೋಧವಾಗಿ ಆಯ್ಕೆಯಾಗಿದ್ದಾರೆ. ಉಪಾಧ್ಯಕ್ಷ ಸ್ಥಾನಕ್ಕೂ ಅವಿರೋಧ ಆಯ್ಕೆ ನಡೆಯಿತು. 2025-30ನೇ ಸಾಲಿನ ಆಡಳಿತ ಮಂಡಳಿ ಚುನಾವಣೆಯಲ್ಲಿ ಒಟ್ಟು 12 ನಿರ್ದೇಶಕರು ಆಯ್ಕೆಯಾಗಿದ್ದರು. ಚುನಾವಣಾಧಿಕಾರಿಗಳ ಸಮ್ಮುಖದಲ್ಲಿ ನಡೆದ ಸಭೆಯಲ್ಲಿ ಅಧ್ಯಕ್ಷ ಸ್ಥಾನಕ್ಕೆ ಒಬ್ಬರೇ ನಾಮಪತ್ರ ಸಲ್ಲಿಸಿದ್ದರಿಂದ ಅವಿರೋಧ ಆಯ್ಕೆ ಘೋಷಿಸಲಾಯಿತು. ನೂತನ ಅಧ್ಯಕ್ಷರು ಮಾತನಾಡಿ ರೈತರಿಗೆ ಸಾಲ ಸೌಲಭ್ಯ, ರಸಗೊಬ್ಬರ ವಿತರಣೆ ಸೇರಿದಂತೆ ಎಲ್ಲಾ ಸೇವೆಗಳನ್ನು ಪಾರದರ್ಶಕವಾಗಿ ಒದಗಿಸಲಾಗುವುದು. ಸಂಘದ ಅಭಿವೃದ್ಧಿಗೆ ಎಲ್ಲರ ಸಹಕಾರ ಅಗತ್ಯ ಎಂದರು. ಸಂಘದ 300ಕ್ಕೂ ಹೆಚ್ಚು ಸದಸ್ಯರು ಹಾಜರಿದ್ದರು. ಸಹಕಾರ ಇಲಾಖೆ ಅಧಿಕಾರಿಗಳು, ಗ್ರಾಮದ ಮುಖಂಡರು, ಹಿರಿಯರು ನೂತನ ಪದಾಧಿಕಾರಿಗಳನ್ನು ಅಭಿನಂದಿಸಿದರು. ಸಂಘದ ಕಾರ್ಯದರ್ಶಿ ಸ್ವಾಗತಿಸಿದರು. ರೈತರ ಹಿತ ಕಾಯುವುದು ನಮ್ಮ ಮೊದಲ ಆದ್ಯತೆ. ಹಾಲು ಉತ್ಪಾದಕರಿಗೆ ಪ್ರೋತ್ಸಾಹ ನೀಡಲಾಗುವುದು. ಸಂಘದ ಕಟ್ಟಡ ನವೀಕರಣ ಕಾರ್ಯ ಶೀಘ್ರದಲ್ಲೇ ಆರಂಭವಾಗಲಿದೆ. ಸಾಲ ಮರುಪಾವತಿಯಲ್ಲಿ ಉತ್ತಮ ಸಾಧನೆ ಮಾಡಿದ ರೈತರನ್ನು ಸನ್ಮಾನಿಸಲಾಗುವುದು ಎಂದು ತಿಳಿಸಿದರು. ಸಮಾರಂಭದಲ್ಲಿ ನಿರ್ದೇಶಕರಾದ ಎಂ.ಮುನಿರಾಜು, ಕೆ.ರಾಮಣ್ಣ, ವೆಂಕಟೇಶ್, ಪಿ.ನಾಗರಾಜು, ಎಸ್.ಮಂಜುನಾಥ್, ಗಂಗಾಧರಯ್ಯ, ಲಕ್ಷ್ಮಮ್ಮ, ಕೃಷ್ಣಪ್ಪ ಮತ್ತಿತರರು ಉಪಸ್ಥಿತರಿದ್ದರು. ಗ್ರಾಮಸ್ಥರು ಪಟಾಕಿ ಸಿಡಿಸಿ ಸಂಭ್ರಮಾಚರಣೆ ಮಾಡಿದರು.
ಸಿಂಗನಾಯಕನಹಳ್ಳಿ ರೈತರ ಸೇವಾ ಸಹಕಾರ ಸಂಘದ ಅಧ್ಯಕ್ಷರಾಗಿ ಡಾ.ವಾಣಿಶ್ರೀ ವಿಶ್ವನಾಥ್ ಅವಿರೋಧವಾಗಿ ಆಯ್ಕೆಯಾಗಿದ್ದಾರೆ. ಉಪಾಧ್ಯಕ್ಷ ಸ್ಥಾನಕ್ಕೂ ಅವಿರೋಧ ಆಯ್ಕೆ ನಡೆಯಿತು. 2025-30ನೇ ಸಾಲಿನ ಆಡಳಿತ ಮಂಡಳಿ ಚುನಾವಣೆಯಲ್ಲಿ ಒಟ್ಟು 12 ನಿರ್ದೇಶಕರು ಆಯ್ಕೆಯಾಗಿದ್ದರು. ಚುನಾವಣಾಧಿಕಾರಿಗಳ ಸಮ್ಮುಖದಲ್ಲಿ ನಡೆದ ಸಭೆಯಲ್ಲಿ ಅಧ್ಯಕ್ಷ ಸ್ಥಾನಕ್ಕೆ ಒಬ್ಬರೇ ನಾಮಪತ್ರ ಸಲ್ಲಿಸಿದ್ದರಿಂದ ಅವಿರೋಧ ಆಯ್ಕೆ ಘೋಷಿಸಲಾಯಿತು. ನೂತನ ಅಧ್ಯಕ್ಷರು ಮಾತನಾಡಿ ರೈತರಿಗೆ ಸಾಲ ಸೌಲಭ್ಯ, ರಸಗೊಬ್ಬರ ವಿತರಣೆ ಸೇರಿದಂತೆ ಎಲ್ಲಾ ಸೇವೆಗಳನ್ನು ಪಾರದರ್ಶಕವಾಗಿ ಒದಗಿಸಲಾಗುವುದು. ಸಂಘದ ಅಭಿವೃದ್ಧಿಗೆ ಎಲ್ಲರ ಸಹಕಾರ ಅಗತ್ಯ ಎಂದರು. ಸಂಘದ 300ಕ್ಕೂ ಹೆಚ್ಚು ಸದಸ್ಯರು ಹಾಜರಿದ್ದರು. ಸಹಕಾರ ಇಲಾಖೆ ಅಧಿಕಾರಿಗಳು, ಗ್ರಾಮದ ಮುಖಂಡರು, ಹಿರಿಯರು ನೂತನ ಪದಾಧಿಕಾರಿಗಳನ್ನು ಅಭಿನಂದಿಸಿದರು. ಸಂಘದ ಕಾರ್ಯದರ್ಶಿ ಸ್ವಾಗತಿಸಿದರು. ರೈತರ ಹಿತ ಕಾಯುವುದು ನಮ್ಮ ಮೊದಲ ಆದ್ಯತೆ. ಹಾಲು ಉತ್ಪಾದಕರಿಗೆ ಪ್ರೋತ್ಸಾಹ ನೀಡಲಾಗುವುದು. ಸಂಘದ ಕಟ್ಟಡ ನವೀಕರಣ ಕಾರ್ಯ ಶೀಘ್ರದಲ್ಲೇ ಆರಂಭವಾಗಲಿದೆ. ಸಾಲ ಮರುಪಾವತಿಯಲ್ಲಿ ಉತ್ತಮ ಸಾಧನೆ ಮಾಡಿದ ರೈತರನ್ನು ಸನ್ಮಾನಿಸಲಾಗುವುದು ಎಂದು ತಿಳಿಸಿದರು. ಸಮಾರಂಭದಲ್ಲಿ ನಿರ್ದೇಶಕರಾದ ಎಂ.ಮುನಿರಾಜು, ಕೆ.ರಾಮಣ್ಣ, ವೆಂಕಟೇಶ್, ಪಿ.ನಾಗರಾಜು, ಎಸ್.ಮಂಜುನಾಥ್, ಗಂಗಾಧರಯ್ಯ, ಲಕ್ಷ್ಮಮ್ಮ, ಕೃಷ್ಣಪ್ಪ ಮತ್ತಿತರರು ಉಪಸ್ಥಿತರಿದ್ದರು. ಗ್ರಾಮಸ್ಥರು ಪಟಾಕಿ ಸಿಡಿಸಿ ಸಂಭ್ರಮಾಚರಣೆ ಮಾಡಿದರು.
